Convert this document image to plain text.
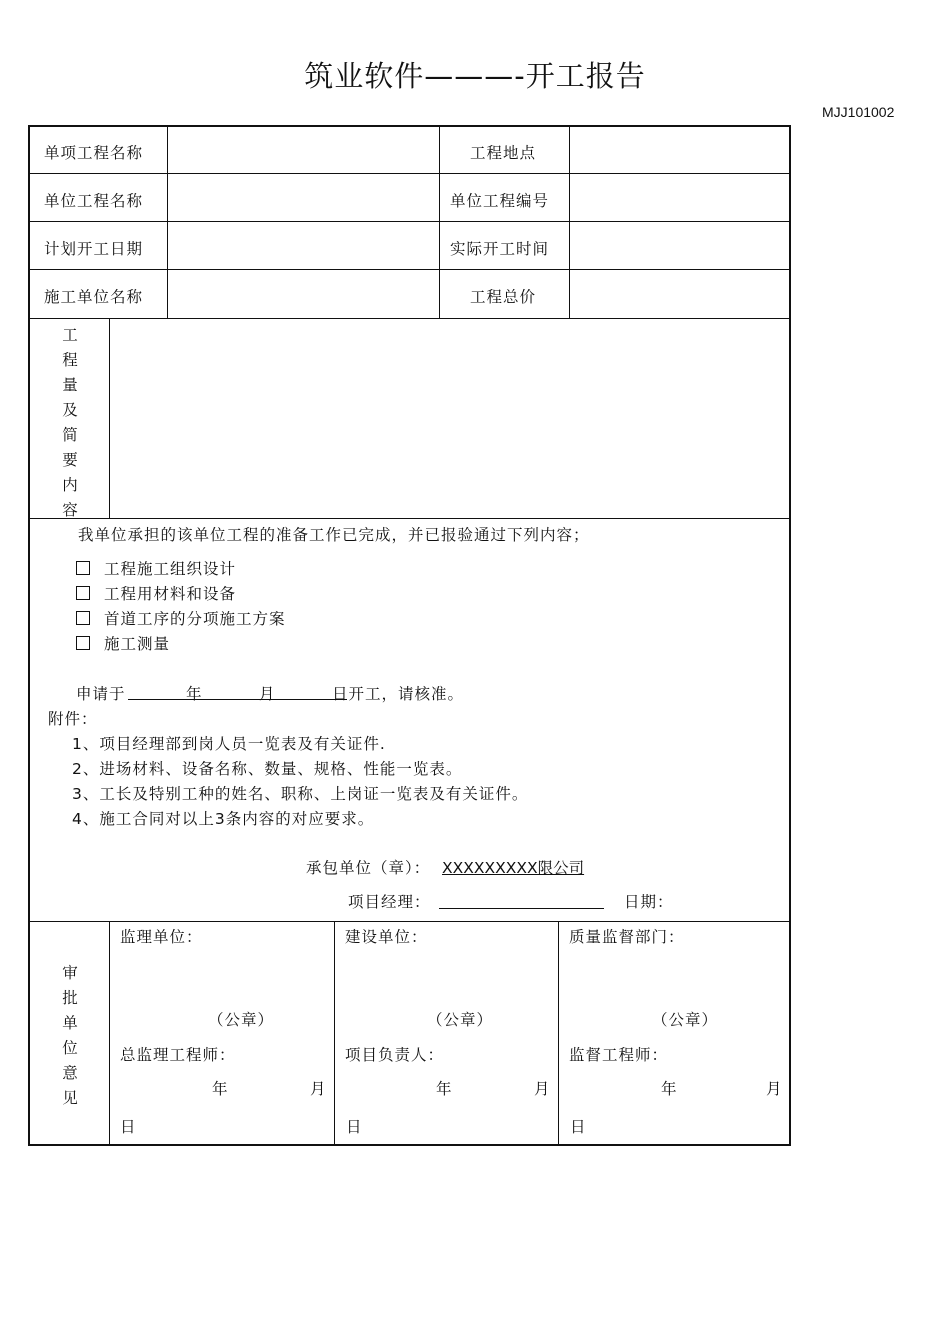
筑业软件———-开工报告
MJJ101002
单项工程名称	工程地点
单位工程名称	单位工程编号
计划开工日期	实际开工时间
施工单位名称	工程总价
工
程
量
及
简
要
内
容
我单位承担的该单位工程的准备工作已完成，并已报验通过下列内容；
工程施工组织设计
工程用材料和设备
首道工序的分项施工方案
施工测量
申请于	年	月	日开工，请核准。
附件：
1、项目经理部到岗人员一览表及有关证件.
2、进场材料、设备名称、数量、规格、性能一览表。
3、工长及特别工种的姓名、职称、上岗证一览表及有关证件。
4、施工合同对以上3条内容的对应要求。
承包单位（章）： XXXXXXXXX限公司
项目经理：	日期：
审
批
单
位
意
见
监理单位：
（公章）
总监理工程师：
年	月
日
建设单位：
（公章）
项目负责人：
年	月
日
质量监督部门：
（公章）
监督工程师：
年	月
日
